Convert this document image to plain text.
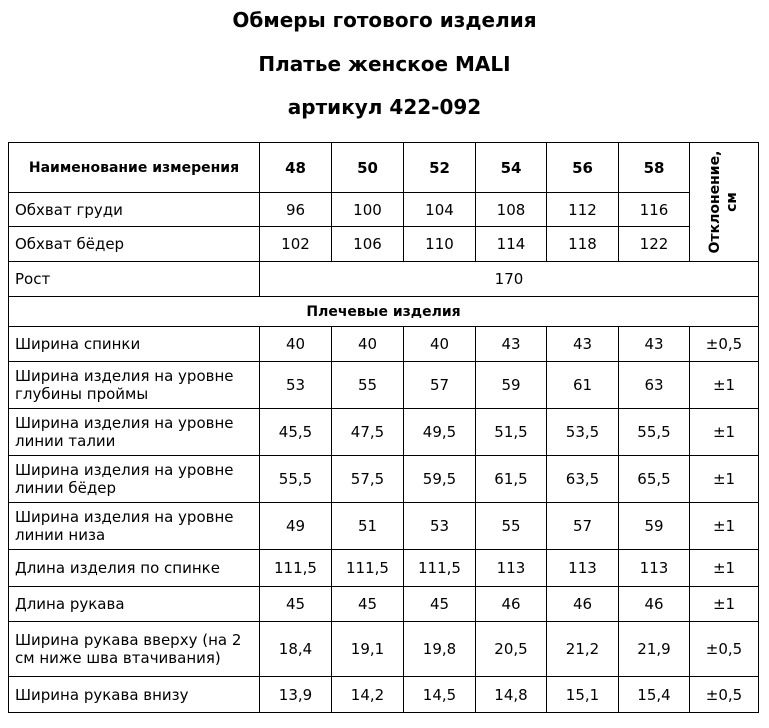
Обмеры готового изделия
Платье женское MALI
артикул 422-092
Наименование измерения	48	50	52	54	56	58	Отклонение, см

Обхват груди	96	100	104	108	112	116	
Обхват бёдер	102	106	110	114	118	122	
Рост	170						
Плечевые изделия							
Ширина спинки	40	40	40	43	43	43	±0,5
Ширина изделия на уровне глубины проймы	53	55	57	59	61	63	±1
Ширина изделия на уровне линии талии	45,5	47,5	49,5	51,5	53,5	55,5	±1
Ширина изделия на уровне линии бёдер	55,5	57,5	59,5	61,5	63,5	65,5	±1
Ширина изделия на уровне линии низа	49	51	53	55	57	59	±1
Длина изделия по спинке	111,5	111,5	111,5	113	113	113	±1
Длина рукава	45	45	45	46	46	46	±1
Ширина рукава вверху (на 2 см ниже шва втачивания)	18,4	19,1	19,8	20,5	21,2	21,9	±0,5
Ширина рукава внизу	13,9	14,2	14,5	14,8	15,1	15,4	±0,5
